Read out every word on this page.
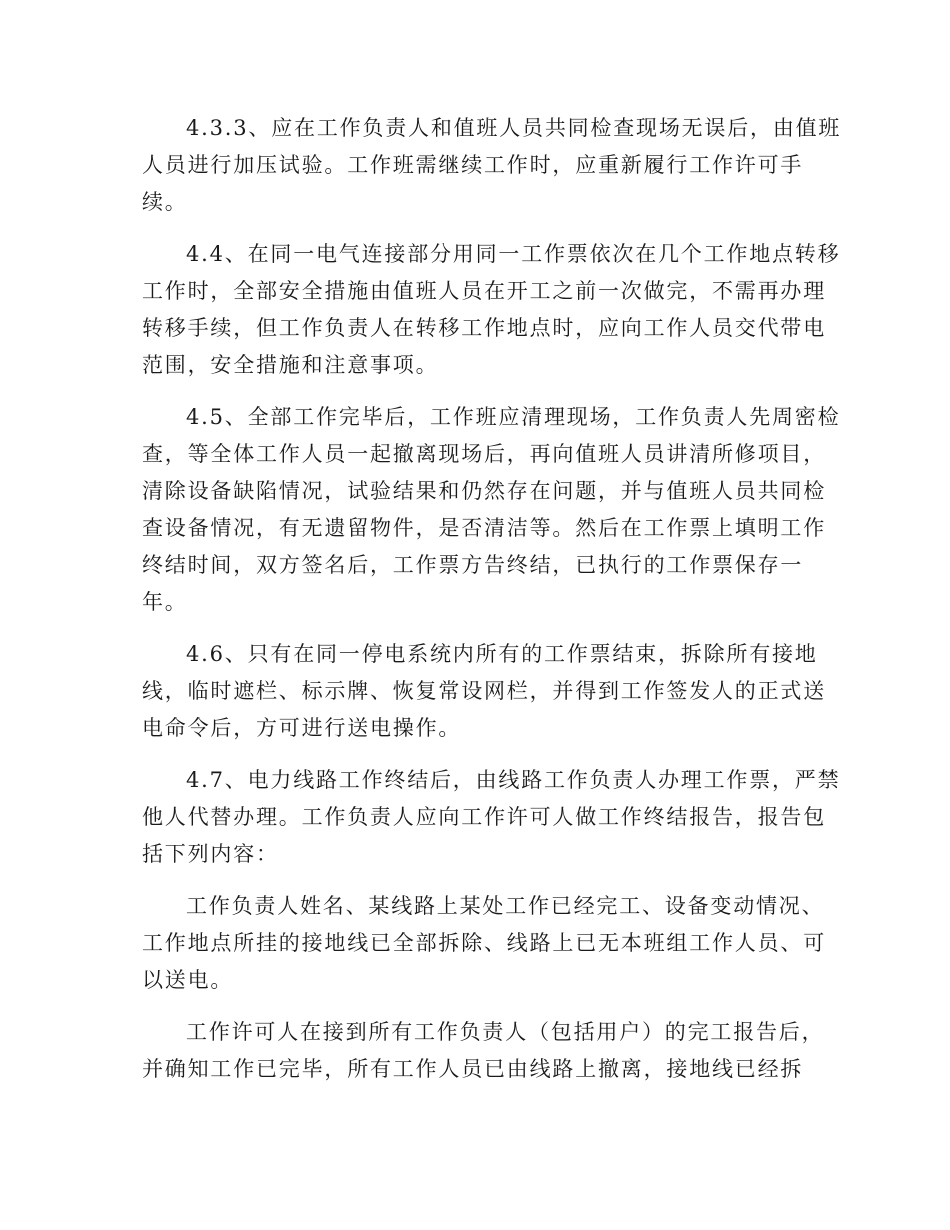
4.3.3、应在工作负责人和值班人员共同检查现场无误后，由值班
人员进行加压试验。工作班需继续工作时，应重新履行工作许可手
续。
4.4、在同一电气连接部分用同一工作票依次在几个工作地点转移
工作时，全部安全措施由值班人员在开工之前一次做完，不需再办理
转移手续，但工作负责人在转移工作地点时，应向工作人员交代带电
范围，安全措施和注意事项。
4.5、全部工作完毕后，工作班应清理现场，工作负责人先周密检
查，等全体工作人员一起撤离现场后，再向值班人员讲清所修项目，
清除设备缺陷情况，试验结果和仍然存在问题，并与值班人员共同检
查设备情况，有无遗留物件，是否清洁等。然后在工作票上填明工作
终结时间，双方签名后，工作票方告终结，已执行的工作票保存一
年。
4.6、只有在同一停电系统内所有的工作票结束，拆除所有接地
线，临时遮栏、标示牌、恢复常设网栏，并得到工作签发人的正式送
电命令后，方可进行送电操作。
4.7、电力线路工作终结后，由线路工作负责人办理工作票，严禁
他人代替办理。工作负责人应向工作许可人做工作终结报告，报告包
括下列内容：
工作负责人姓名、某线路上某处工作已经完工、设备变动情况、
工作地点所挂的接地线已全部拆除、线路上已无本班组工作人员、可
以送电。
工作许可人在接到所有工作负责人（包括用户）的完工报告后，
并确知工作已完毕，所有工作人员已由线路上撤离，接地线已经拆
